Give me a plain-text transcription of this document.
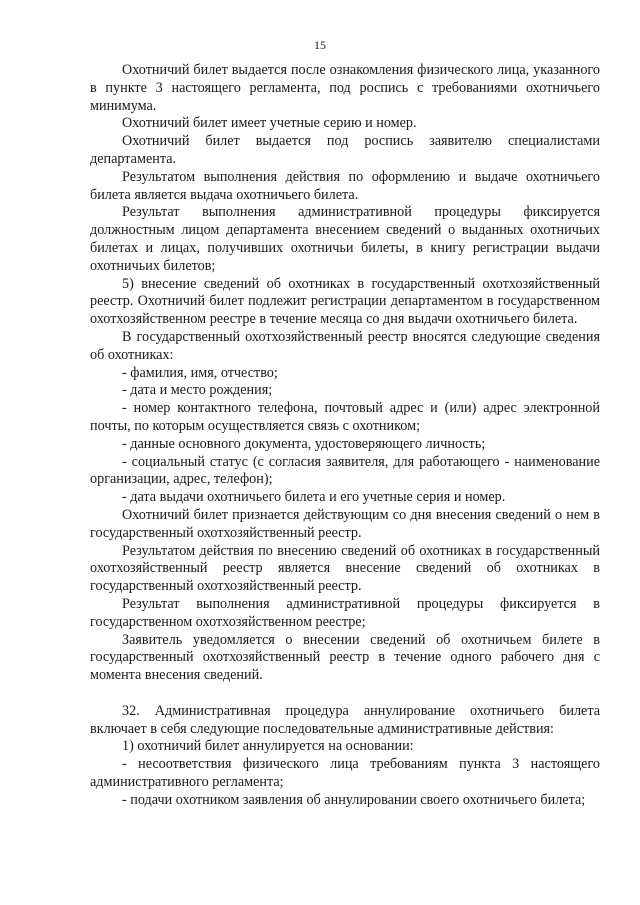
15

Охотничий билет выдается после ознакомления физического лица, указанного в пункте 3 настоящего регламента, под роспись с требованиями охотничьего минимума.

Охотничий билет имеет учетные серию и номер.

Охотничий билет выдается под роспись заявителю специалистами департамента.

Результатом выполнения действия по оформлению и выдаче охотничьего билета является выдача охотничьего билета.

Результат выполнения административной процедуры фиксируется должностным лицом департамента внесением сведений о выданных охотничьих билетах и лицах, получивших охотничьи билеты, в книгу регистрации выдачи охотничьих билетов;

5) внесение сведений об охотниках в государственный охотхозяйственный реестр. Охотничий билет подлежит регистрации департаментом в государственном охотхозяйственном реестре в течение месяца со дня выдачи охотничьего билета.

В государственный охотхозяйственный реестр вносятся следующие сведения об охотниках:

- фамилия, имя, отчество;

- дата и место рождения;

- номер контактного телефона, почтовый адрес и (или) адрес электронной почты, по которым осуществляется связь с охотником;

- данные основного документа, удостоверяющего личность;

- социальный статус (с согласия заявителя, для работающего - наименование организации, адрес, телефон);

- дата выдачи охотничьего билета и его учетные серия и номер.

Охотничий билет признается действующим со дня внесения сведений о нем в государственный охотхозяйственный реестр.

Результатом действия по внесению сведений об охотниках в государственный охотхозяйственный реестр является внесение сведений об охотниках в государственный охотхозяйственный реестр.

Результат выполнения административной процедуры фиксируется в государственном охотхозяйственном реестре;

Заявитель уведомляется о внесении сведений об охотничьем билете в государственный охотхозяйственный реестр в течение одного рабочего дня с момента внесения сведений.

32. Административная процедура аннулирование охотничьего билета включает в себя следующие последовательные административные действия:

1) охотничий билет аннулируется на основании:

- несоответствия физического лица требованиям пункта 3 настоящего административного регламента;

- подачи охотником заявления об аннулировании своего охотничьего билета;
